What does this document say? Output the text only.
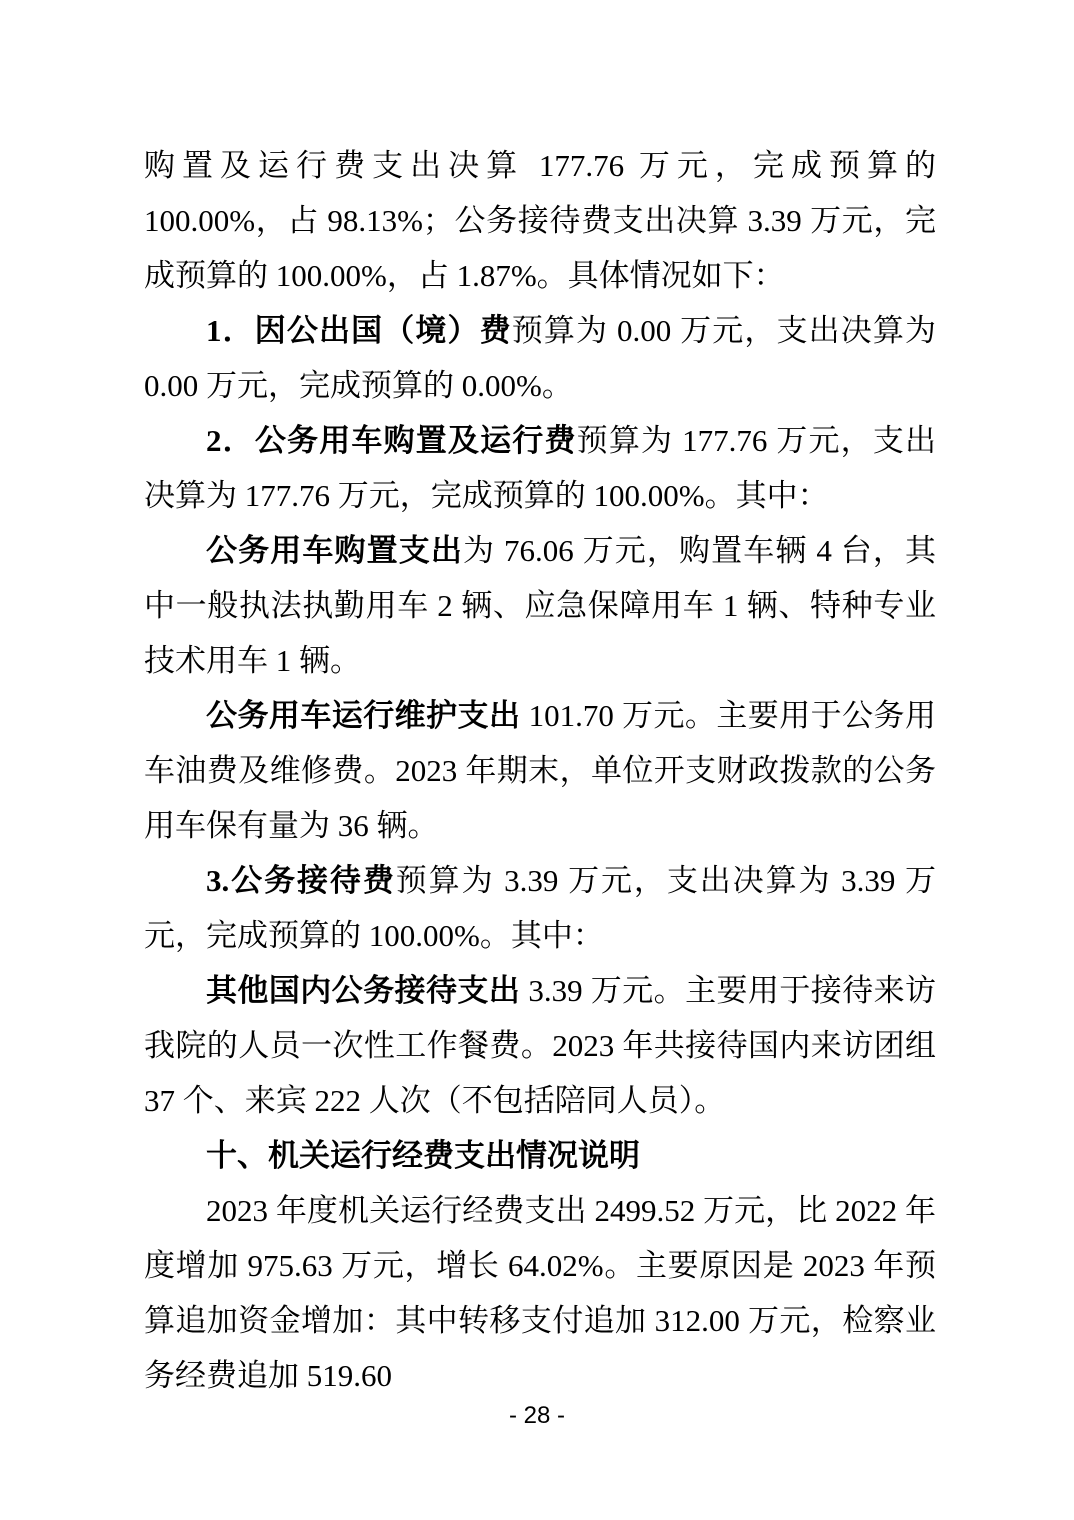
购置及运行费支出决算 177.76 万元，完成预算的 100.00%，占 98.13%；公务接待费支出决算 3.39 万元，完成预算的 100.00%，占 1.87%。具体情况如下：

1．因公出国（境）费预算为 0.00 万元，支出决算为 0.00 万元，完成预算的 0.00%。

2．公务用车购置及运行费预算为 177.76 万元，支出决算为 177.76 万元，完成预算的 100.00%。其中：

公务用车购置支出为 76.06 万元，购置车辆 4 台，其中一般执法执勤用车 2 辆、应急保障用车 1 辆、特种专业技术用车 1 辆。

公务用车运行维护支出 101.70 万元。主要用于公务用车油费及维修费。2023 年期末，单位开支财政拨款的公务用车保有量为 36 辆。

3.公务接待费预算为 3.39 万元，支出决算为 3.39 万元，完成预算的 100.00%。其中：

其他国内公务接待支出 3.39 万元。主要用于接待来访我院的人员一次性工作餐费。2023 年共接待国内来访团组 37 个、来宾 222 人次（不包括陪同人员）。

十、机关运行经费支出情况说明

2023 年度机关运行经费支出 2499.52 万元，比 2022 年度增加 975.63 万元，增长 64.02%。主要原因是 2023 年预算追加资金增加：其中转移支付追加 312.00 万元，检察业务经费追加 519.60

- 28 -
